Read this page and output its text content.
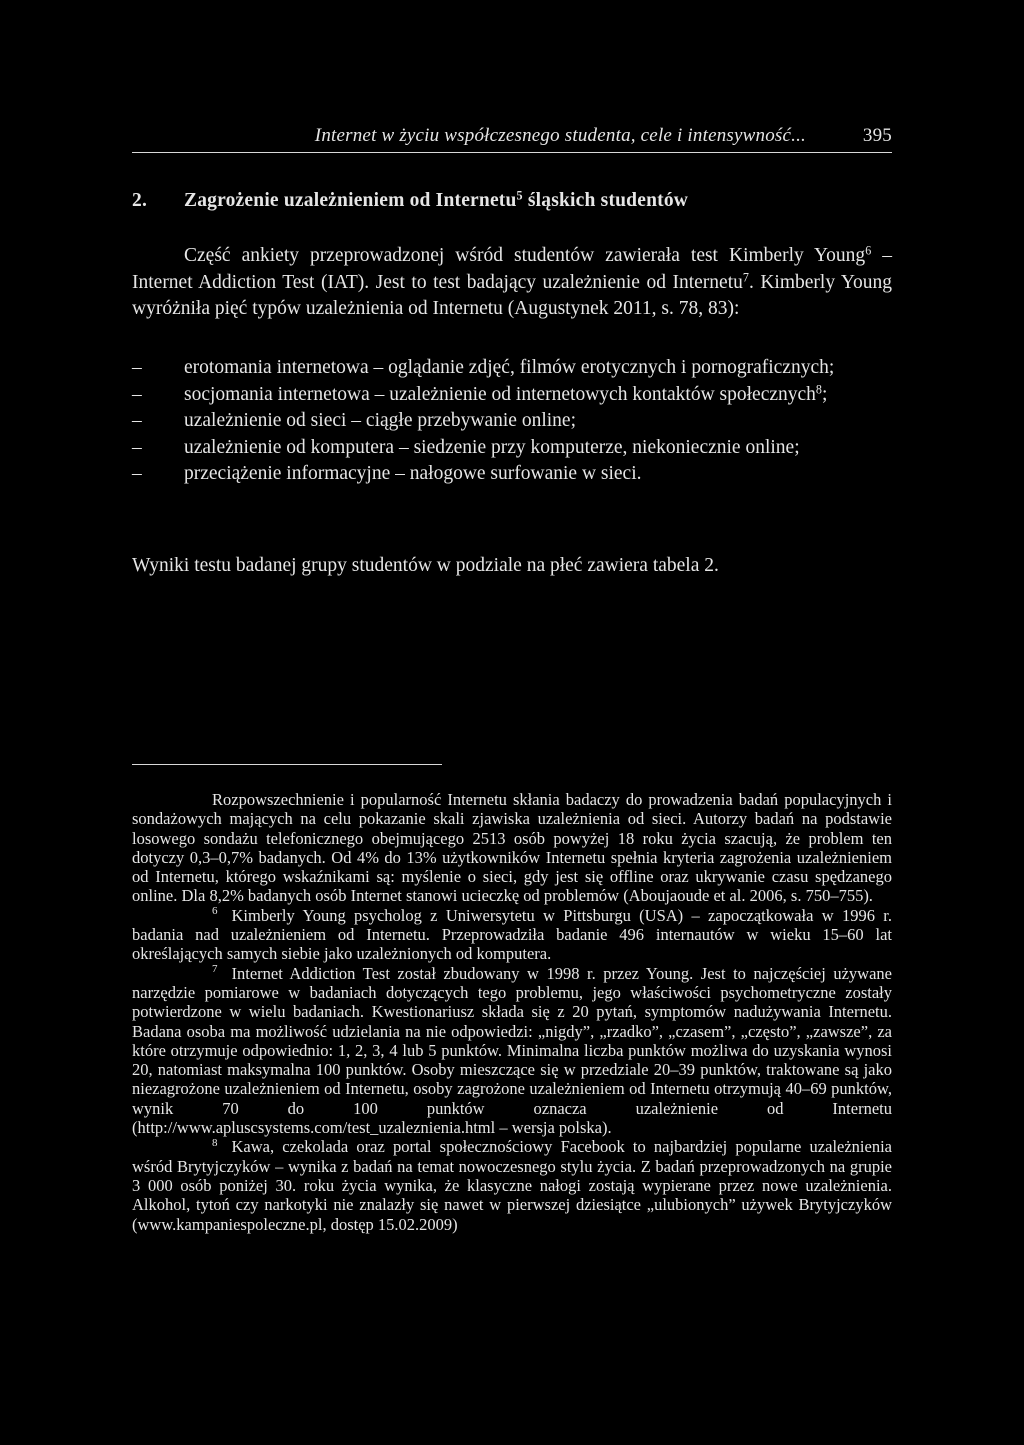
Internet w życiu współczesnego studenta, cele i intensywność...	395
2. Zagrożenie uzależnieniem od Internetu$^5$ śląskich studentów

Część ankiety przeprowadzonej wśród studentów zawierała test Kimberly Young$^6$ – Internet Addiction Test (IAT). Jest to test badający uzależnienie od Internetu$^7$. Kimberly Young wyróżniła pięć typów uzależnienia od Internetu (Augustynek 2011, s. 78, 83):

– erotomania internetowa – oglądanie zdjęć, filmów erotycznych i pornograficznych;
– socjomania internetowa – uzależnienie od internetowych kontaktów społecznych$^8$;
– uzależnienie od sieci – ciągłe przebywanie online;
– uzależnienie od komputera – siedzenie przy komputerze, niekoniecznie online;
– przeciążenie informacyjne – nałogowe surfowanie w sieci.

Wyniki testu badanej grupy studentów w podziale na płeć zawiera tabela 2.

Rozpowszechnienie i popularność Internetu skłania badaczy do prowadzenia badań populacyjnych i sondażowych mających na celu pokazanie skali zjawiska uzależnienia od sieci. Autorzy badań na podstawie losowego sondażu telefonicznego obejmującego 2513 osób powyżej 18 roku życia szacują, że problem ten dotyczy 0,3–0,7% badanych. Od 4% do 13% użytkowników Internetu spełnia kryteria zagrożenia uzależnieniem od Internetu, którego wskaźnikami są: myślenie o sieci, gdy jest się offline oraz ukrywanie czasu spędzanego online. Dla 8,2% badanych osób Internet stanowi ucieczkę od problemów (Aboujaoude et al. 2006, s. 750–755).

$^6$ Kimberly Young psycholog z Uniwersytetu w Pittsburgu (USA) – zapoczątkowała w 1996 r. badania nad uzależnieniem od Internetu. Przeprowadziła badanie 496 internautów w wieku 15–60 lat określających samych siebie jako uzależnionych od komputera.

$^7$ Internet Addiction Test został zbudowany w 1998 r. przez Young. Jest to najczęściej używane narzędzie pomiarowe w badaniach dotyczących tego problemu, jego właściwości psychometryczne zostały potwierdzone w wielu badaniach. Kwestionariusz składa się z 20 pytań, symptomów nadużywania Internetu. Badana osoba ma możliwość udzielania na nie odpowiedzi: „nigdy”, „rzadko”, „czasem”, „często”, „zawsze”, za które otrzymuje odpowiednio: 1, 2, 3, 4 lub 5 punktów. Minimalna liczba punktów możliwa do uzyskania wynosi 20, natomiast maksymalna 100 punktów. Osoby mieszczące się w przedziale 20–39 punktów, traktowane są jako niezagrożone uzależnieniem od Internetu, osoby zagrożone uzależnieniem od Internetu otrzymują 40–69 punktów, wynik 70 do 100 punktów oznacza uzależnienie od Internetu (http://www.apluscsystems.com/test_uzaleznienia.html – wersja polska).

$^8$ Kawa, czekolada oraz portal społecznościowy Facebook to najbardziej popularne uzależnienia wśród Brytyjczyków – wynika z badań na temat nowoczesnego stylu życia. Z badań przeprowadzonych na grupie 3 000 osób poniżej 30. roku życia wynika, że klasyczne nałogi zostają wypierane przez nowe uzależnienia. Alkohol, tytoń czy narkotyki nie znalazły się nawet w pierwszej dziesiątce „ulubionych” używek Brytyjczyków (www.kampaniespoleczne.pl, dostęp 15.02.2009)
